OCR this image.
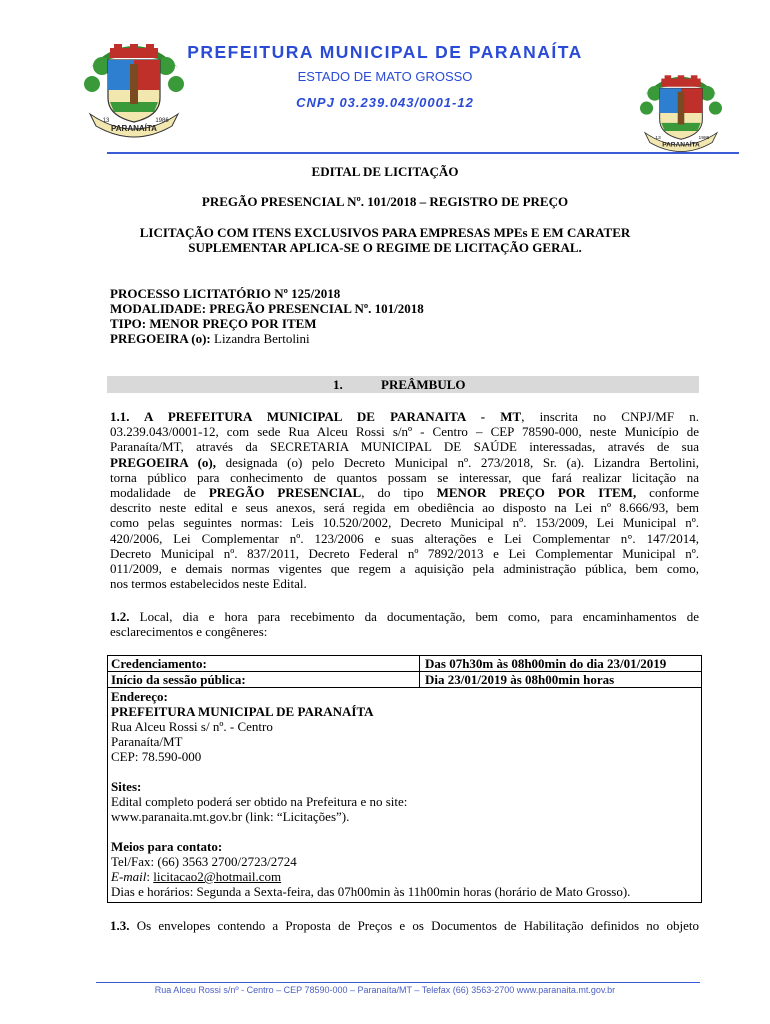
PARANAÍTA
13	1986
PARANAÍTA
13	1986
PREFEITURA MUNICIPAL DE PARANAÍTA
ESTADO DE MATO GROSSO
CNPJ 03.239.043/0001-12
EDITAL DE LICITAÇÃO
PREGÃO PRESENCIAL Nº. 101/2018 – REGISTRO DE PREÇO
LICITAÇÃO COM ITENS EXCLUSIVOS PARA EMPRESAS MPEs E EM CARATER
SUPLEMENTAR APLICA-SE O REGIME DE LICITAÇÃO GERAL.
PROCESSO LICITATÓRIO Nº 125/2018
MODALIDADE: PREGÃO PRESENCIAL Nº. 101/2018
TIPO: MENOR PREÇO POR ITEM
PREGOEIRA (o): Lizandra Bertolini
1.	PREÂMBULO
1.1. A PREFEITURA MUNICIPAL DE PARANAITA - MT, inscrita no CNPJ/MF n.
03.239.043/0001-12, com sede Rua Alceu Rossi s/nº - Centro – CEP 78590-000, neste Município de
Paranaíta/MT, através da SECRETARIA MUNICIPAL DE SAÚDE interessadas, através de sua
PREGOEIRA (o), designada (o) pelo Decreto Municipal nº. 273/2018, Sr. (a). Lizandra Bertolini,
torna público para conhecimento de quantos possam se interessar, que fará realizar licitação na
modalidade de PREGÃO PRESENCIAL, do tipo MENOR PREÇO POR ITEM, conforme
descrito neste edital e seus anexos, será regida em obediência ao disposto na Lei nº 8.666/93, bem
como pelas seguintes normas: Leis 10.520/2002, Decreto Municipal nº. 153/2009, Lei Municipal nº.
420/2006, Lei Complementar nº. 123/2006 e suas alterações e Lei Complementar n°. 147/2014,
Decreto Municipal nº. 837/2011, Decreto Federal nº 7892/2013 e Lei Complementar Municipal nº.
011/2009, e demais normas vigentes que regem a aquisição pela administração pública, bem como,
nos termos estabelecidos neste Edital.
1.2. Local, dia e hora para recebimento da documentação, bem como, para encaminhamentos de
esclarecimentos e congêneres:
Credenciamento:	Das 07h30m às 08h00min do dia 23/01/2019
Início da sessão pública:	Dia 23/01/2019 às 08h00min horas
Endereço:
PREFEITURA MUNICIPAL DE PARANAÍTA
Rua Alceu Rossi s/ nº. - Centro
Paranaíta/MT
CEP: 78.590-000
Sites:
Edital completo poderá ser obtido na Prefeitura e no site:
www.paranaita.mt.gov.br (link: “Licitações”).
Meios para contato:
Tel/Fax: (66) 3563 2700/2723/2724
E-mail: licitacao2@hotmail.com
Dias e horários: Segunda a Sexta-feira, das 07h00min às 11h00min horas (horário de Mato Grosso).
1.3. Os envelopes contendo a Proposta de Preços e os Documentos de Habilitação definidos no objeto
Rua Alceu Rossi s/nº - Centro – CEP 78590-000 – Paranaíta/MT – Telefax (66) 3563-2700 www.paranaita.mt.gov.br
